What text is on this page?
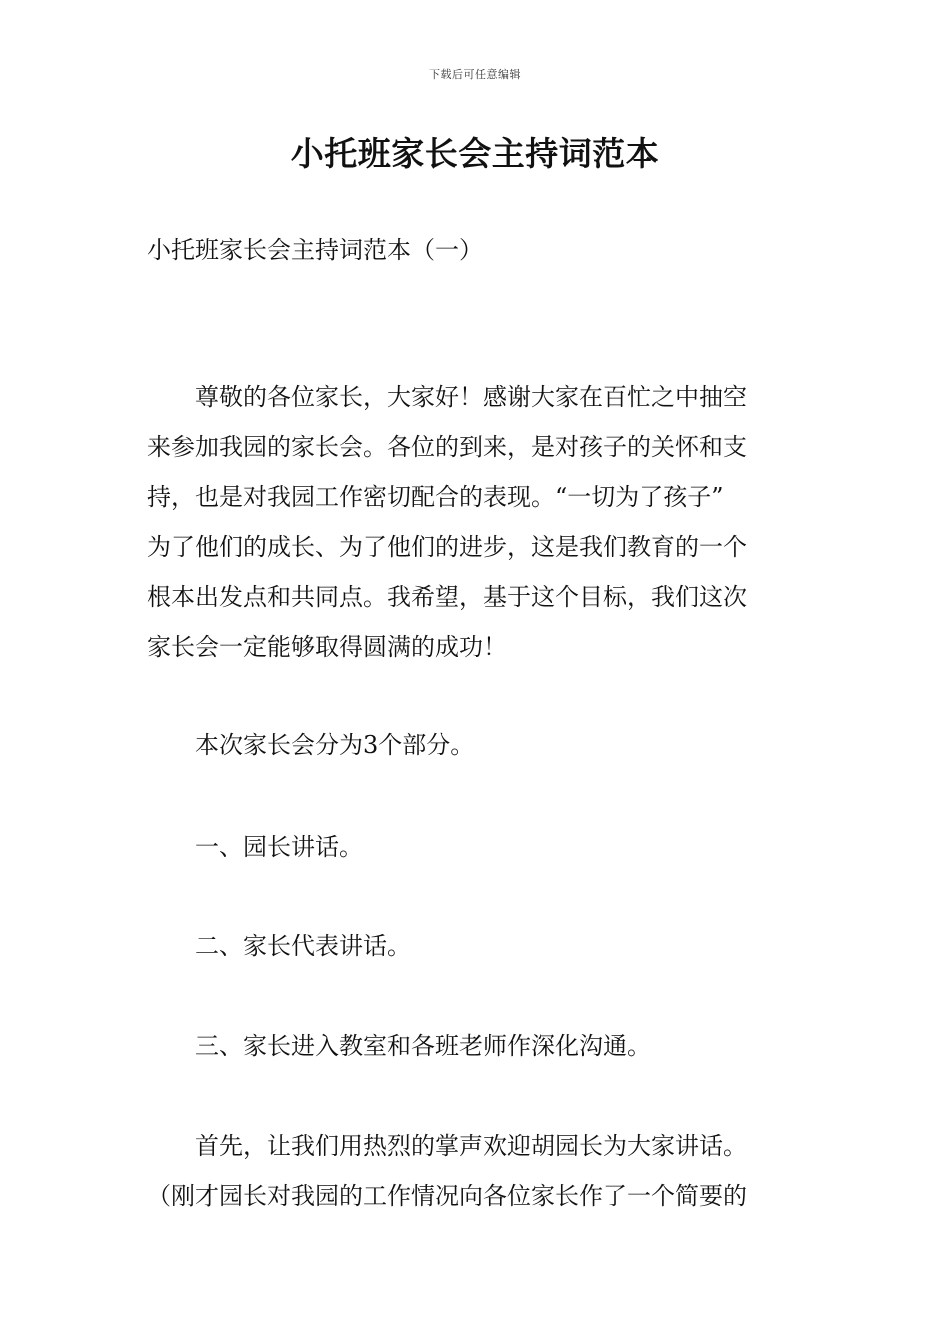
下载后可任意编辑
小托班家长会主持词范本

小托班家长会主持词范本（一）

尊敬的各位家长，大家好！感谢大家在百忙之中抽空
来参加我园的家长会。各位的到来，是对孩子的关怀和支
持，也是对我园工作密切配合的表现。“一切为了孩子”
为了他们的成长、为了他们的进步，这是我们教育的一个
根本出发点和共同点。我希望，基于这个目标，我们这次
家长会一定能够取得圆满的成功！

本次家长会分为3个部分。

一、园长讲话。

二、家长代表讲话。

三、家长进入教室和各班老师作深化沟通。

首先，让我们用热烈的掌声欢迎胡园长为大家讲话。
（刚才园长对我园的工作情况向各位家长作了一个简要的
